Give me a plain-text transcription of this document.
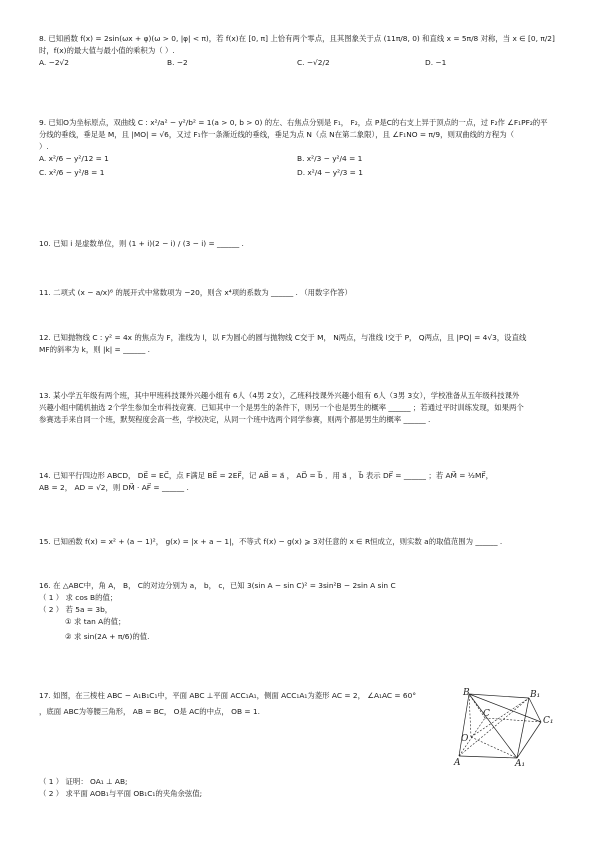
8. 已知函数 f(x) = 2sin(ωx + φ)(ω > 0, |φ| < π)，若 f(x)在 [0, π] 上恰有两个零点，且其图象关于点 (11π/8, 0) 和直线 x = 5π/8 对称，当 x ∈ [0, π/2]

时，f(x)的最大值与最小值的乘积为（ ）.

A. −2√2	B. −2	C. −√2/2	D. −1

9. 已知O为坐标原点，双曲线 C : x²/a² − y²/b² = 1(a > 0, b > 0) 的左、右焦点分别是 F₁， F₂，点 P是C的右支上异于顶点的一点，过 F₂作 ∠F₁PF₂的平

分线的垂线，垂足是 M，且 |MO| = √6，又过 F₁作一条渐近线的垂线，垂足为点 N（点 N在第二象限），且 ∠F₁NO = π/9，则双曲线的方程为（

）.

A. x²/6 − y²/12 = 1	B. x²/3 − y²/4 = 1
C. x²/6 − y²/8 = 1	D. x²/4 − y²/3 = 1

10. 已知 i 是虚数单位，则 (1 + i)(2 − i) / (3 − i) = ______ .

11. 二项式 (x − a/x)⁶ 的展开式中常数项为 −20，则含 x⁴项的系数为 ______ . （用数字作答）

12. 已知抛物线 C : y² = 4x 的焦点为 F，准线为 l，以 F为圆心的圆与抛物线 C交于 M， N两点，与准线 l交于 P， Q两点，且 |PQ| = 4√3，设直线

MF的斜率为 k，则 |k| = ______ .

13. 某小学五年级有两个班，其中甲班科技课外兴趣小组有 6人（4男 2女），乙班科技课外兴趣小组有 6人（3男 3女），学校准备从五年级科技课外

兴趣小组中随机抽选 2个学生参加全市科技竞赛．已知其中一个是男生的条件下，则另一个也是男生的概率 ______ ；若通过平时训练发现，如果两个

参赛选手来自同一个班，默契程度会高一些，学校决定，从同一个班中选两个同学参赛，则两个都是男生的概率 ______ .

14. 已知平行四边形 ABCD， DE⃗ = EC⃗，点 F满足 BE⃗ = 2EF⃗，记 AB⃗ = a⃗ ， AD⃗ = b⃗ ．用 a⃗ ， b⃗ 表示 DF⃗ = ______ ；若 AM⃗ = ½MF⃗，

AB = 2， AD = √2，则 DM⃗ · AF⃗ = ______ .

15. 已知函数 f(x) = x² + (a − 1)²， g(x) = |x + a − 1|，不等式 f(x) − g(x) ⩾ 3对任意的 x ∈ R恒成立，则实数 a的取值范围为 ______ .

16. 在 △ABC中，角 A， B， C的对边分别为 a， b， c，已知 3(sin A − sin C)² = 3sin²B − 2sin A sin C

（ 1 ） 求 cos B的值；

（ 2 ） 若 5a = 3b，

① 求 tan A的值；

② 求 sin(2A + π/6)的值.

17. 如图，在三棱柱 ABC − A₁B₁C₁中，平面 ABC ⊥平面 ACC₁A₁，侧面 ACC₁A₁为菱形 AC = 2， ∠A₁AC = 60°

，底面 ABC为等腰三角形， AB = BC， O是 AC的中点， OB = 1.

（ 1 ） 证明： OA₁ ⊥ AB;

（ 2 ） 求平面 AOB₁与平面 OB₁C₁的夹角余弦值;

B	B₁
C
C₁
O
A	A₁
